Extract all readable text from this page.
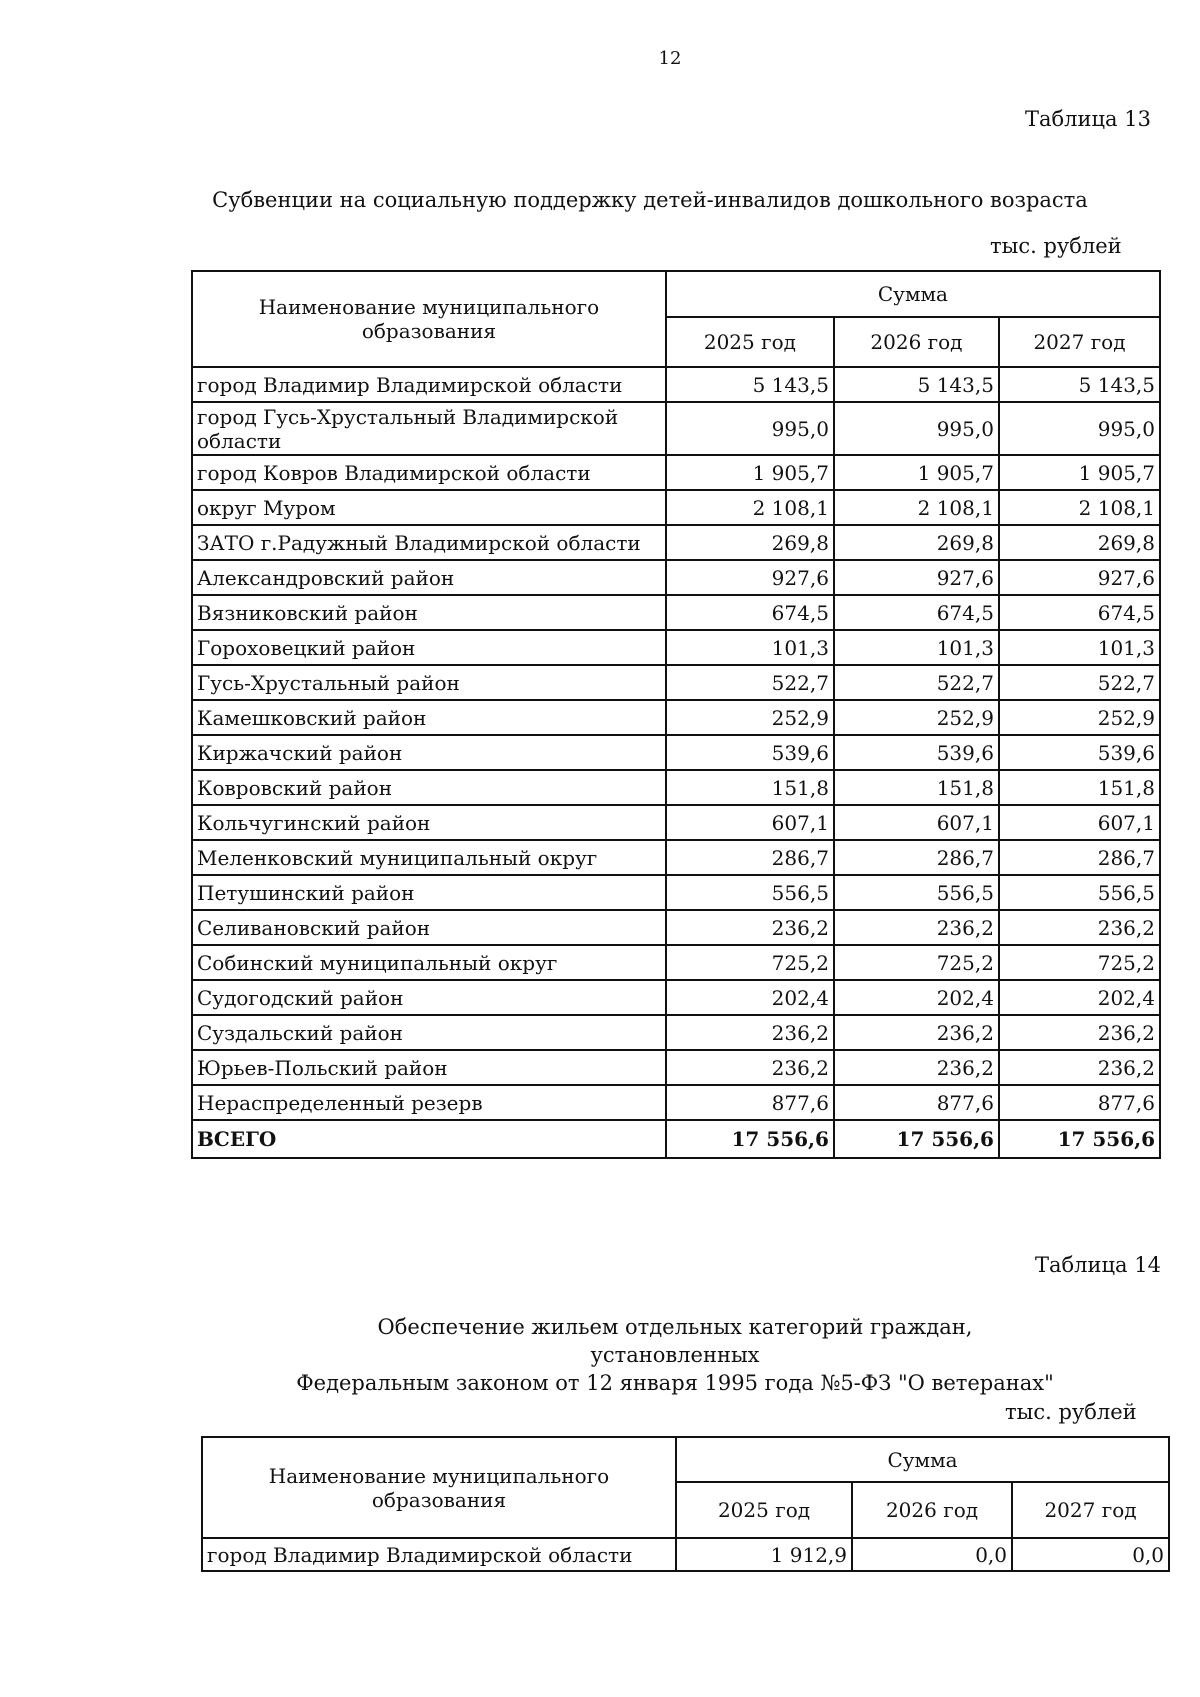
12
Таблица 13
Субвенции на социальную поддержку детей-инвалидов дошкольного возраста
тыс. рублей
Наименование муниципального образования	Сумма		
	2025 год	2026 год	2027 год
город Владимир Владимирской области	5 143,5	5 143,5	5 143,5
город Гусь-Хрустальный Владимирской области	995,0	995,0	995,0
город Ковров Владимирской области	1 905,7	1 905,7	1 905,7
округ Муром	2 108,1	2 108,1	2 108,1
ЗАТО г.Радужный Владимирской области	269,8	269,8	269,8
Александровский район	927,6	927,6	927,6
Вязниковский район	674,5	674,5	674,5
Гороховецкий район	101,3	101,3	101,3
Гусь-Хрустальный район	522,7	522,7	522,7
Камешковский район	252,9	252,9	252,9
Киржачский район	539,6	539,6	539,6
Ковровский район	151,8	151,8	151,8
Кольчугинский район	607,1	607,1	607,1
Меленковский муниципальный округ	286,7	286,7	286,7
Петушинский район	556,5	556,5	556,5
Селивановский район	236,2	236,2	236,2
Собинский муниципальный округ	725,2	725,2	725,2
Судогодский район	202,4	202,4	202,4
Суздальский район	236,2	236,2	236,2
Юрьев-Польский район	236,2	236,2	236,2
Нераспределенный резерв	877,6	877,6	877,6
ВСЕГО	17 556,6	17 556,6	17 556,6
Таблица 14
Обеспечение жильем отдельных категорий граждан, установленных
Федеральным законом от 12 января 1995 года №5-ФЗ "О ветеранах"
тыс. рублей
Наименование муниципального образования	Сумма		
	2025 год	2026 год	2027 год
город Владимир Владимирской области	1 912,9	0,0	0,0
